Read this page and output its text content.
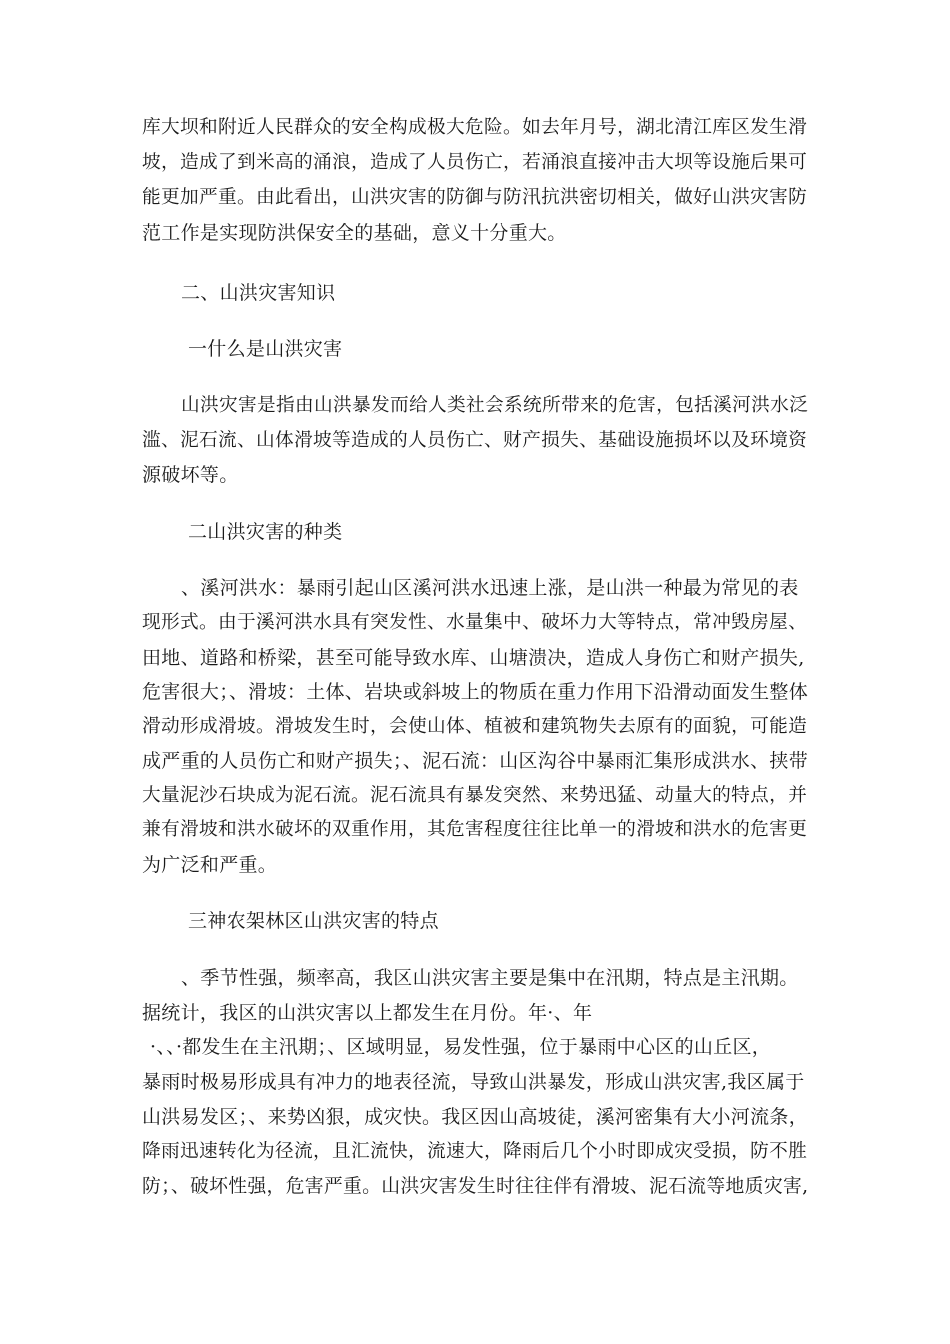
库大坝和附近人民群众的安全构成极大危险。如去年月号，湖北清江库区发生滑
坡，造成了到米高的涌浪，造成了人员伤亡，若涌浪直接冲击大坝等设施后果可
能更加严重。由此看出，山洪灾害的防御与防汛抗洪密切相关，做好山洪灾害防
范工作是实现防洪保安全的基础，意义十分重大。
二、山洪灾害知识
一什么是山洪灾害
山洪灾害是指由山洪暴发而给人类社会系统所带来的危害，包括溪河洪水泛
滥、泥石流、山体滑坡等造成的人员伤亡、财产损失、基础设施损坏以及环境资
源破坏等。
二山洪灾害的种类
、溪河洪水：暴雨引起山区溪河洪水迅速上涨，是山洪一种最为常见的表
现形式。由于溪河洪水具有突发性、水量集中、破坏力大等特点，常冲毁房屋、
田地、道路和桥梁，甚至可能导致水库、山塘溃决，造成人身伤亡和财产损失,
危害很大；、滑坡：土体、岩块或斜坡上的物质在重力作用下沿滑动面发生整体
滑动形成滑坡。滑坡发生时，会使山体、植被和建筑物失去原有的面貌，可能造
成严重的人员伤亡和财产损失；、泥石流：山区沟谷中暴雨汇集形成洪水、挟带
大量泥沙石块成为泥石流。泥石流具有暴发突然、来势迅猛、动量大的特点，并
兼有滑坡和洪水破坏的双重作用，其危害程度往往比单一的滑坡和洪水的危害更
为广泛和严重。
三神农架林区山洪灾害的特点
、季节性强，频率高，我区山洪灾害主要是集中在汛期，特点是主汛期。
据统计，我区的山洪灾害以上都发生在月份。年·、年
·、、·都发生在主汛期；、区域明显，易发性强，位于暴雨中心区的山丘区，
暴雨时极易形成具有冲力的地表径流，导致山洪暴发，形成山洪灾害,我区属于
山洪易发区；、来势凶狠，成灾快。我区因山高坡徒，溪河密集有大小河流条，
降雨迅速转化为径流，且汇流快，流速大，降雨后几个小时即成灾受损，防不胜
防；、破坏性强，危害严重。山洪灾害发生时往往伴有滑坡、泥石流等地质灾害,
